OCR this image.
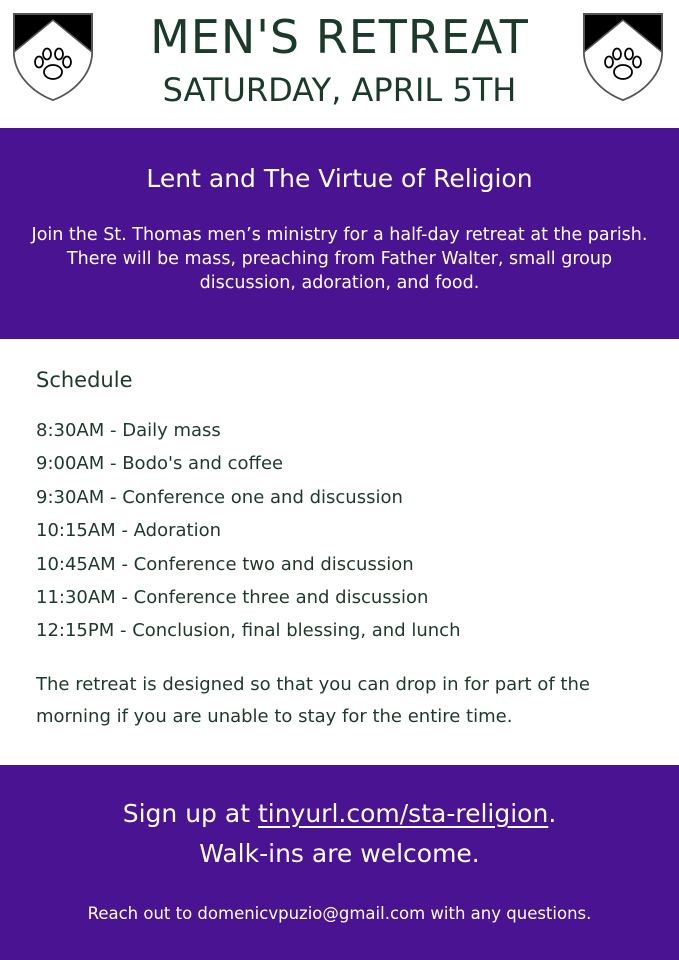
MEN'S RETREAT
SATURDAY, APRIL 5TH
Lent and The Virtue of Religion
Join the St. Thomas men’s ministry for a half-day retreat at the parish. There will be mass, preaching from Father Walter, small group discussion, adoration, and food.
Schedule
8:30AM - Daily mass
9:00AM - Bodo's and coffee
9:30AM - Conference one and discussion
10:15AM - Adoration
10:45AM - Conference two and discussion
11:30AM - Conference three and discussion
12:15PM - Conclusion, final blessing, and lunch
The retreat is designed so that you can drop in for part of the morning if you are unable to stay for the entire time.
Sign up at tinyurl.com/sta-religion.
Walk-ins are welcome.
Reach out to domenicvpuzio@gmail.com with any questions.
